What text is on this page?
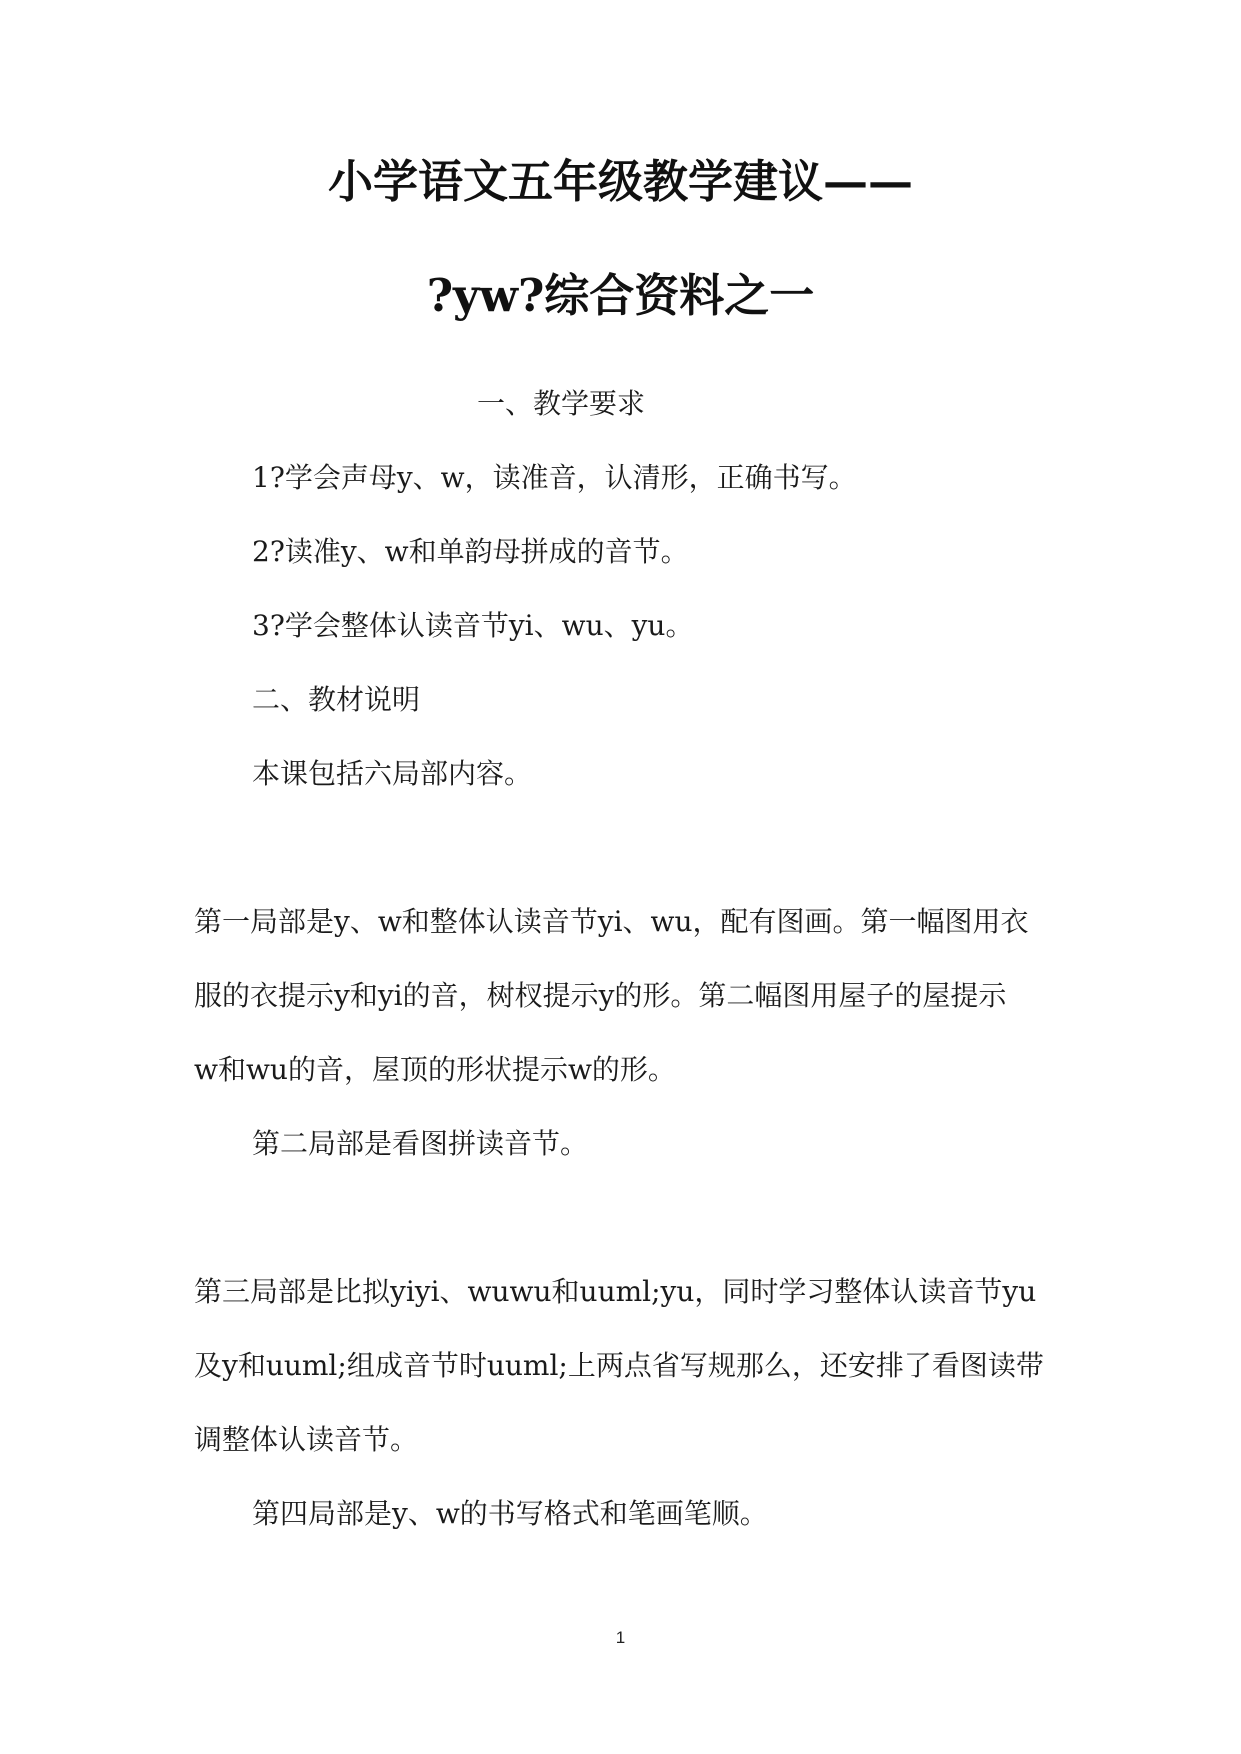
小学语文五年级教学建议——
?yw?综合资料之一
一、教学要求
1?学会声母y、w，读准音，认清形，正确书写。
2?读准y、w和单韵母拼成的音节。
3?学会整体认读音节yi、wu、yu。
二、教材说明
本课包括六局部内容。
第一局部是y、w和整体认读音节yi、wu，配有图画。第一幅图用衣
服的衣提示y和yi的音，树杈提示y的形。第二幅图用屋子的屋提示
w和wu的音，屋顶的形状提示w的形。
第二局部是看图拼读音节。
第三局部是比拟yiyi、wuwu和uuml;yu，同时学习整体认读音节yu
及y和uuml;组成音节时uuml;上两点省写规那么，还安排了看图读带
调整体认读音节。
第四局部是y、w的书写格式和笔画笔顺。
1
